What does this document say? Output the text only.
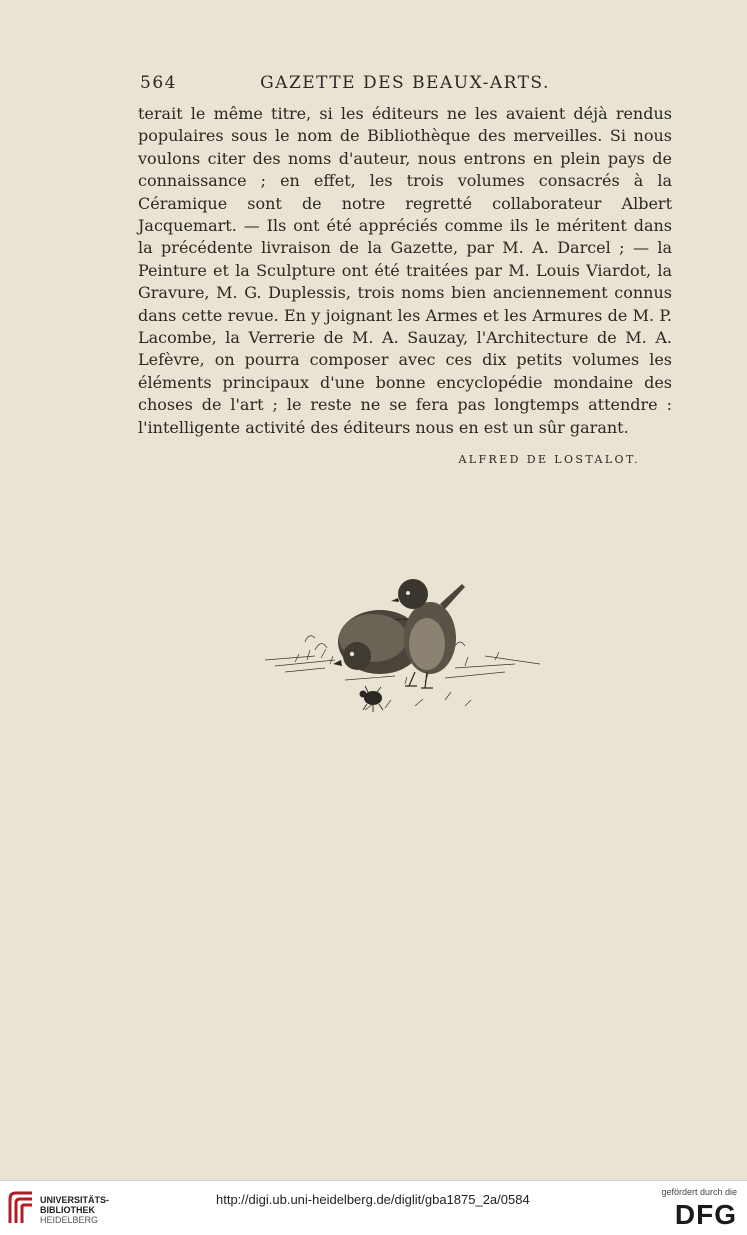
564	GAZETTE DES BEAUX-ARTS.

terait le même titre, si les éditeurs ne les avaient déjà rendus populaires sous le nom de Bibliothèque des merveilles. Si nous voulons citer des noms d'auteur, nous entrons en plein pays de connaissance ; en effet, les trois volumes consacrés à la Céramique sont de notre regretté collaborateur Albert Jacquemart. — Ils ont été appréciés comme ils le méritent dans la précédente livraison de la Gazette, par M. A. Darcel ; — la Peinture et la Sculpture ont été traitées par M. Louis Viardot, la Gravure, M. G. Duplessis, trois noms bien anciennement connus dans cette revue. En y joignant les Armes et les Armures de M. P. Lacombe, la Verrerie de M. A. Sauzay, l'Architecture de M. A. Lefèvre, on pourra composer avec ces dix petits volumes les éléments principaux d'une bonne encyclopédie mondaine des choses de l'art ; le reste ne se fera pas longtemps attendre : l'intelligente activité des éditeurs nous en est un sûr garant.

ALFRED DE LOSTALOT.
UNIVERSITÄTS-
BIBLIOTHEK
HEIDELBERG
http://digi.ub.uni-heidelberg.de/diglit/gba1875_2a/0584	gefördert durch die
DFG
